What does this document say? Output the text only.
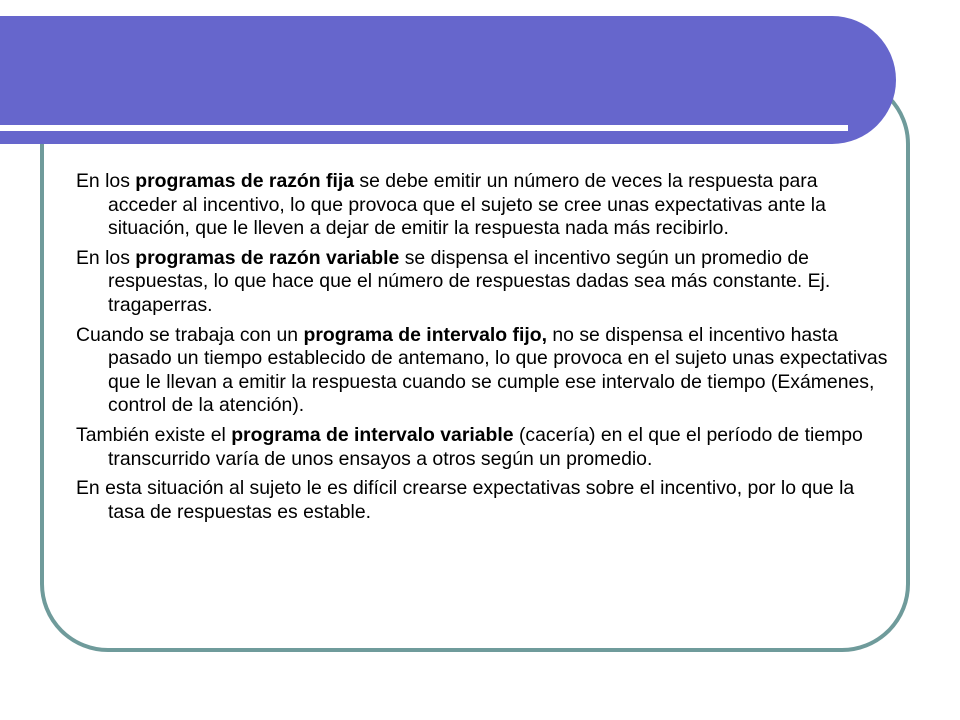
En los programas de razón fija se debe emitir un número de veces la respuesta para acceder al incentivo, lo que provoca que el sujeto se cree unas expectativas ante la situación, que le lleven a dejar de emitir la respuesta nada más recibirlo.

En los programas de razón variable se dispensa el incentivo según un promedio de respuestas, lo que hace que el número de respuestas dadas sea más constante. Ej. tragaperras.

Cuando se trabaja con un programa de intervalo fijo, no se dispensa el incentivo hasta pasado un tiempo establecido de antemano, lo que provoca en el sujeto unas expectativas que le llevan a emitir la respuesta cuando se cumple ese intervalo de tiempo (Exámenes, control de la atención).

También existe el programa de intervalo variable (cacería) en el que el período de tiempo transcurrido varía de unos ensayos a otros según un promedio.

En esta situación al sujeto le es difícil crearse expectativas sobre el incentivo, por lo que la tasa de respuestas es estable.
